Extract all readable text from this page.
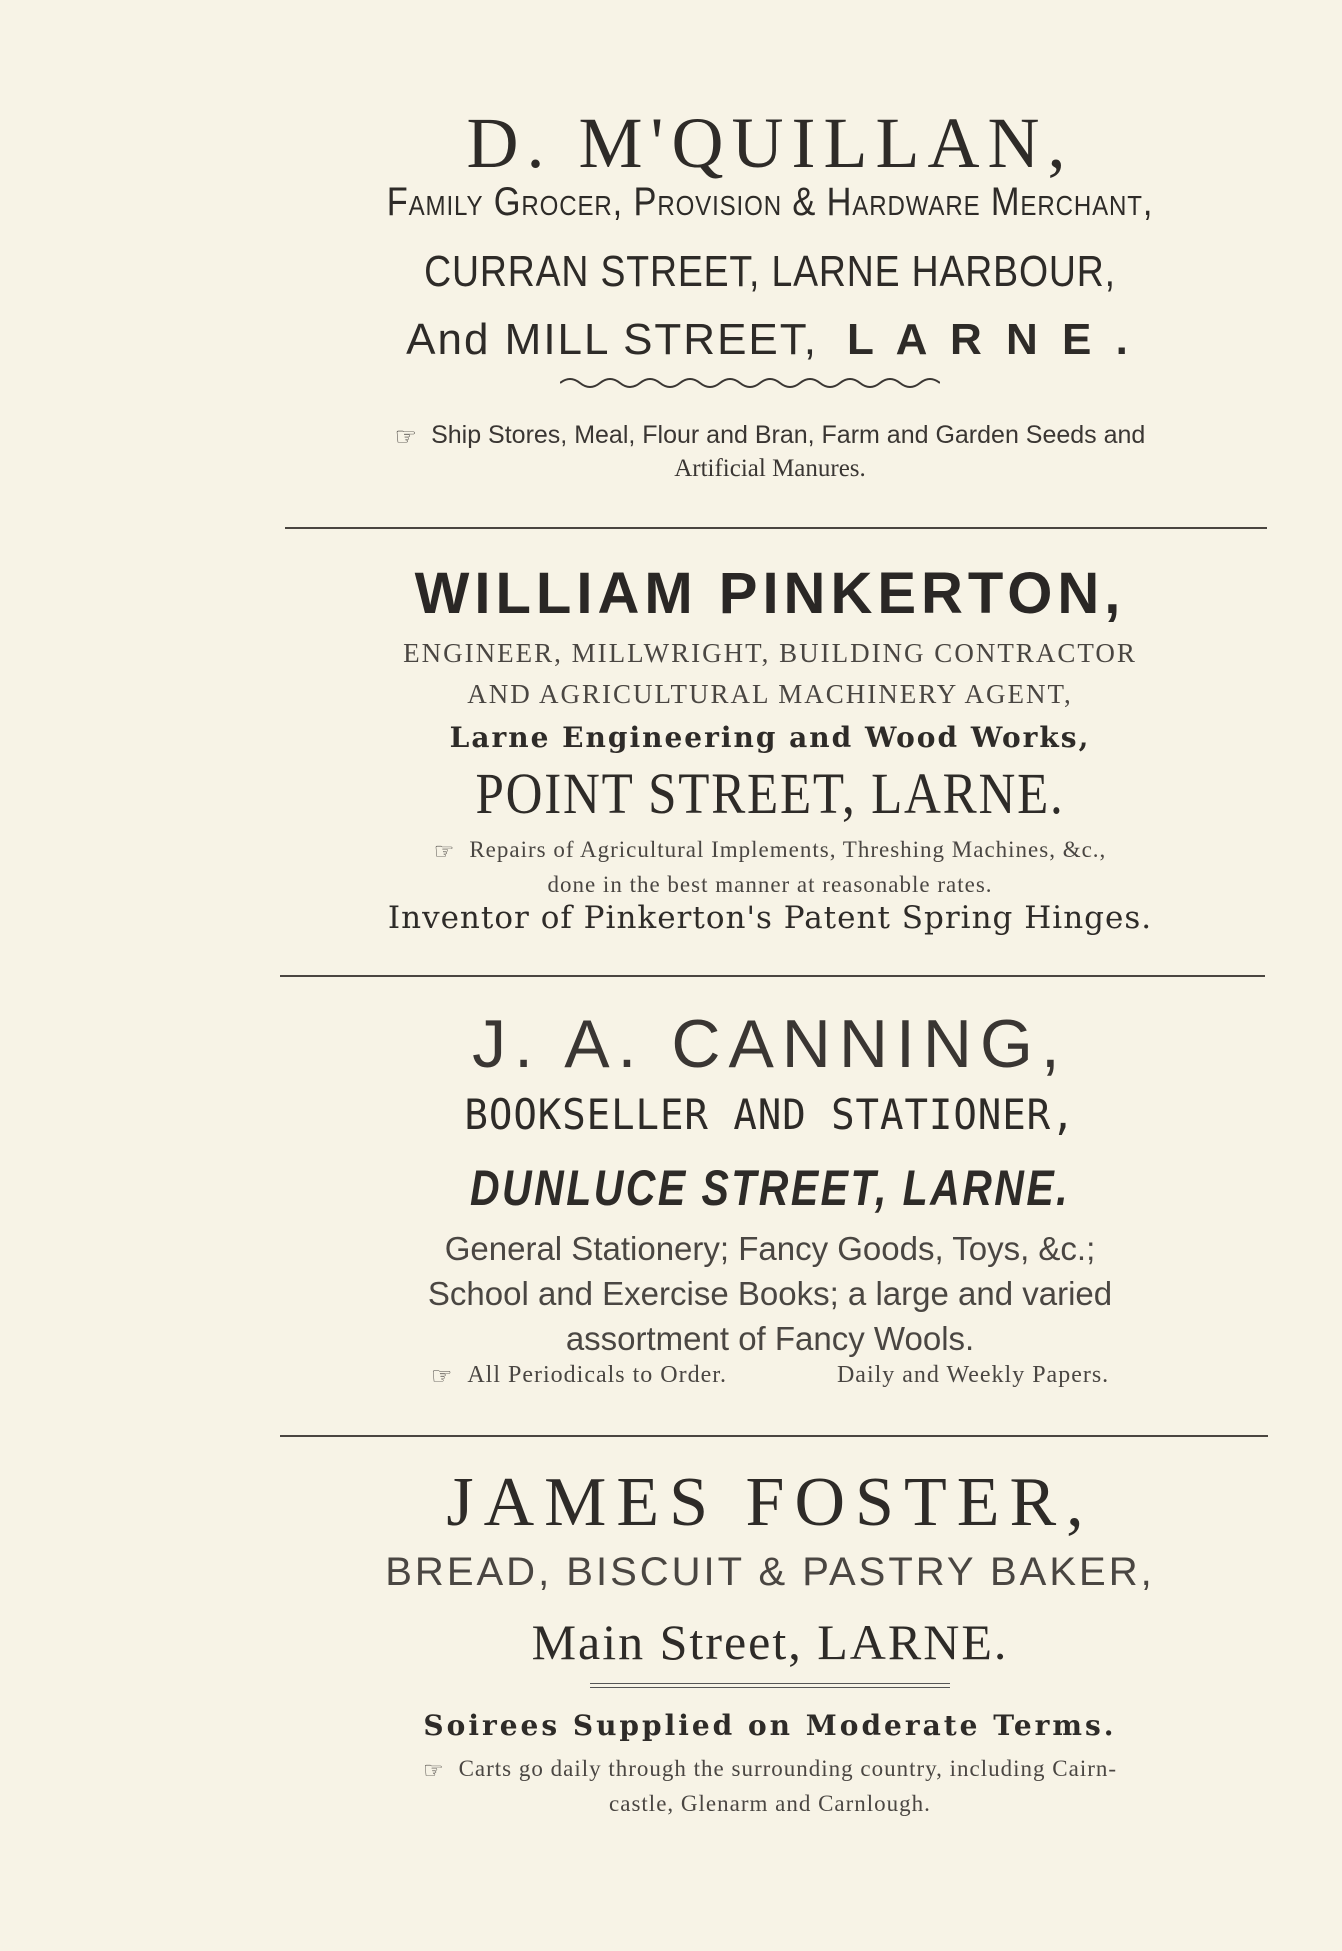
D. M'QUILLAN,
Family Grocer, Provision & Hardware Merchant,
CURRAN STREET, LARNE HARBOUR,
And MILL STREET, L A R N E .
☞ Ship Stores, Meal, Flour and Bran, Farm and Garden Seeds and
Artificial Manures.
WILLIAM PINKERTON,
ENGINEER, MILLWRIGHT, BUILDING CONTRACTOR
AND AGRICULTURAL MACHINERY AGENT,
Larne Engineering and Wood Works,
POINT STREET, LARNE.
☞ Repairs of Agricultural Implements, Threshing Machines, &c.,
done in the best manner at reasonable rates.
Inventor of Pinkerton's Patent Spring Hinges.
J. A. CANNING,
BOOKSELLER AND STATIONER,
DUNLUCE STREET, LARNE.
General Stationery; Fancy Goods, Toys, &c.;
School and Exercise Books; a large and varied
assortment of Fancy Wools.
☞ All Periodicals to Order.	Daily and Weekly Papers.
JAMES FOSTER,
BREAD, BISCUIT & PASTRY BAKER,
Main Street, LARNE.
Soirees Supplied on Moderate Terms.
☞ Carts go daily through the surrounding country, including Cairn-
castle, Glenarm and Carnlough.
